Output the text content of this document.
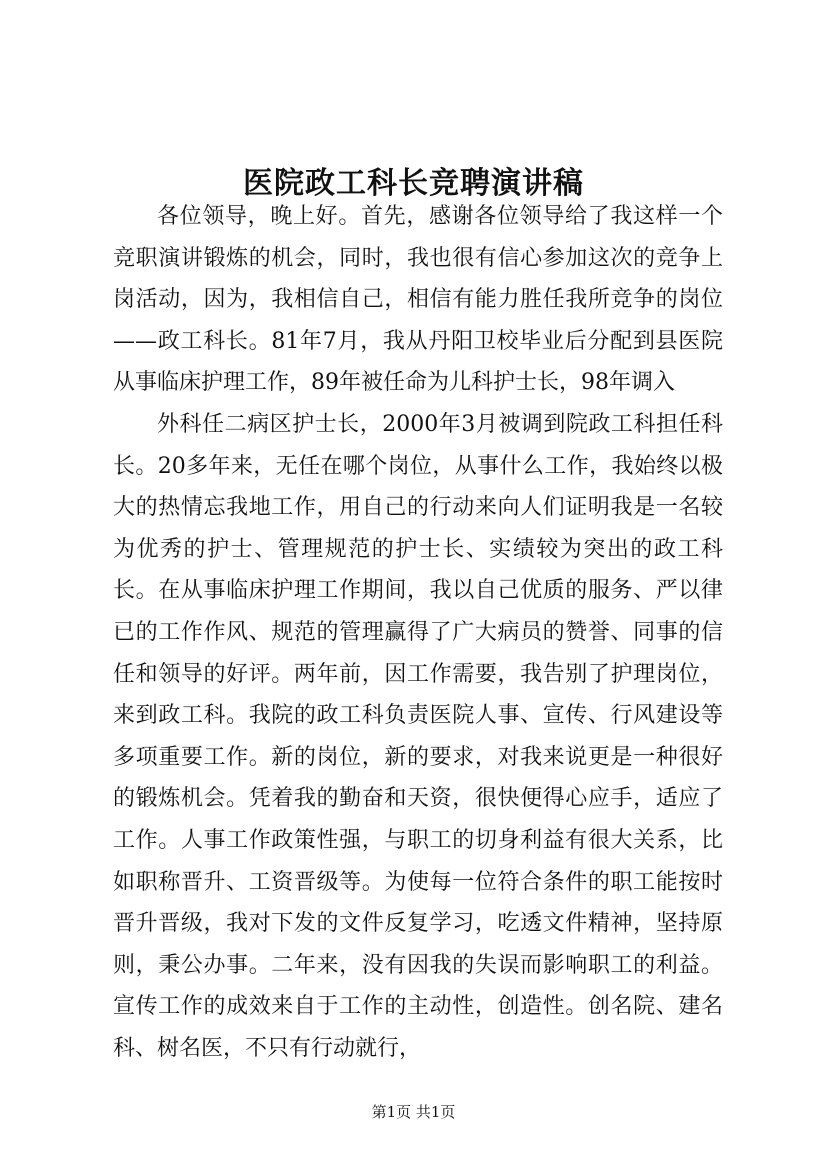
医院政工科长竞聘演讲稿

各位领导，晚上好。首先，感谢各位领导给了我这样一个竞职演讲锻炼的机会，同时，我也很有信心参加这次的竞争上岗活动，因为，我相信自己，相信有能力胜任我所竞争的岗位——政工科长。81年7月，我从丹阳卫校毕业后分配到县医院从事临床护理工作，89年被任命为儿科护士长，98年调入

外科任二病区护士长，2000年3月被调到院政工科担任科长。20多年来，无任在哪个岗位，从事什么工作，我始终以极大的热情忘我地工作，用自己的行动来向人们证明我是一名较为优秀的护士、管理规范的护士长、实绩较为突出的政工科长。在从事临床护理工作期间，我以自己优质的服务、严以律已的工作作风、规范的管理赢得了广大病员的赞誉、同事的信任和领导的好评。两年前，因工作需要，我告别了护理岗位，来到政工科。我院的政工科负责医院人事、宣传、行风建设等多项重要工作。新的岗位，新的要求，对我来说更是一种很好的锻炼机会。凭着我的勤奋和天资，很快便得心应手，适应了工作。人事工作政策性强，与职工的切身利益有很大关系，比如职称晋升、工资晋级等。为使每一位符合条件的职工能按时晋升晋级，我对下发的文件反复学习，吃透文件精神，坚持原则，秉公办事。二年来，没有因我的失误而影响职工的利益。宣传工作的成效来自于工作的主动性，创造性。创名院、建名科、树名医，不只有行动就行，

第1页 共1页
